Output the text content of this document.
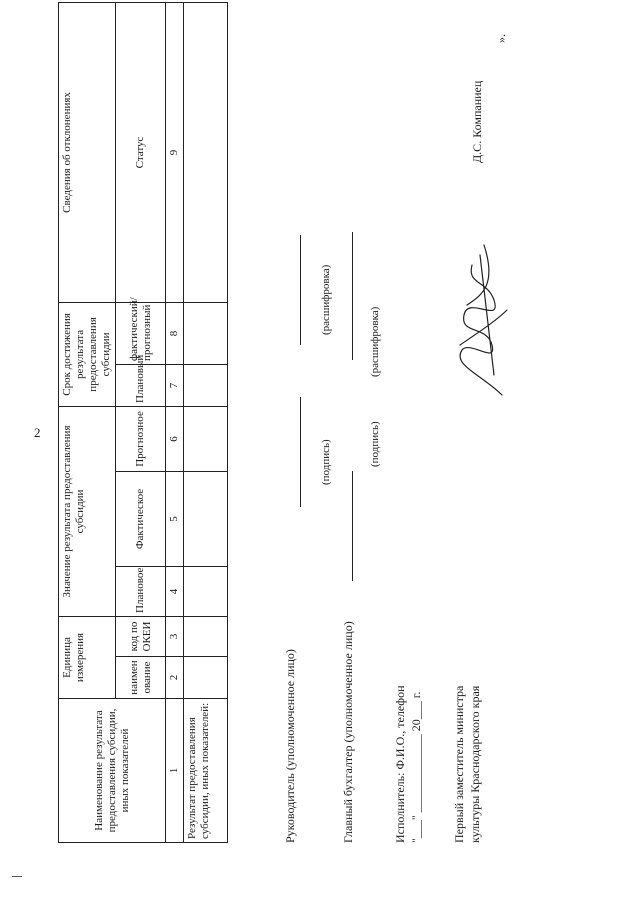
2
Наименование результата предоставления субсидии, иных показателей	Единица измерения		Значение результата предоставления субсидии			Срок достижения результата предоставления субсидии		Сведения об отклонениях
	наимен ование	код по ОКЕИ	Плановое	Фактическое	Прогнозное	Плановый	фактический/ прогнозный	Статус

1	2	3	4	5	6	7	8	9
Результат предоставления субсидии, иных показателей:									Руководитель (уполномоченное лицо)
(подпись)
(расшифровка)
Главный бухгалтер (уполномоченное лицо)
(подпись)
(расшифровка)
Исполнитель: Ф.И.О., телефон "___" _____________ 20___ г. Первый заместитель министра культуры Краснодарского края
Д.С. Компаниец
».
